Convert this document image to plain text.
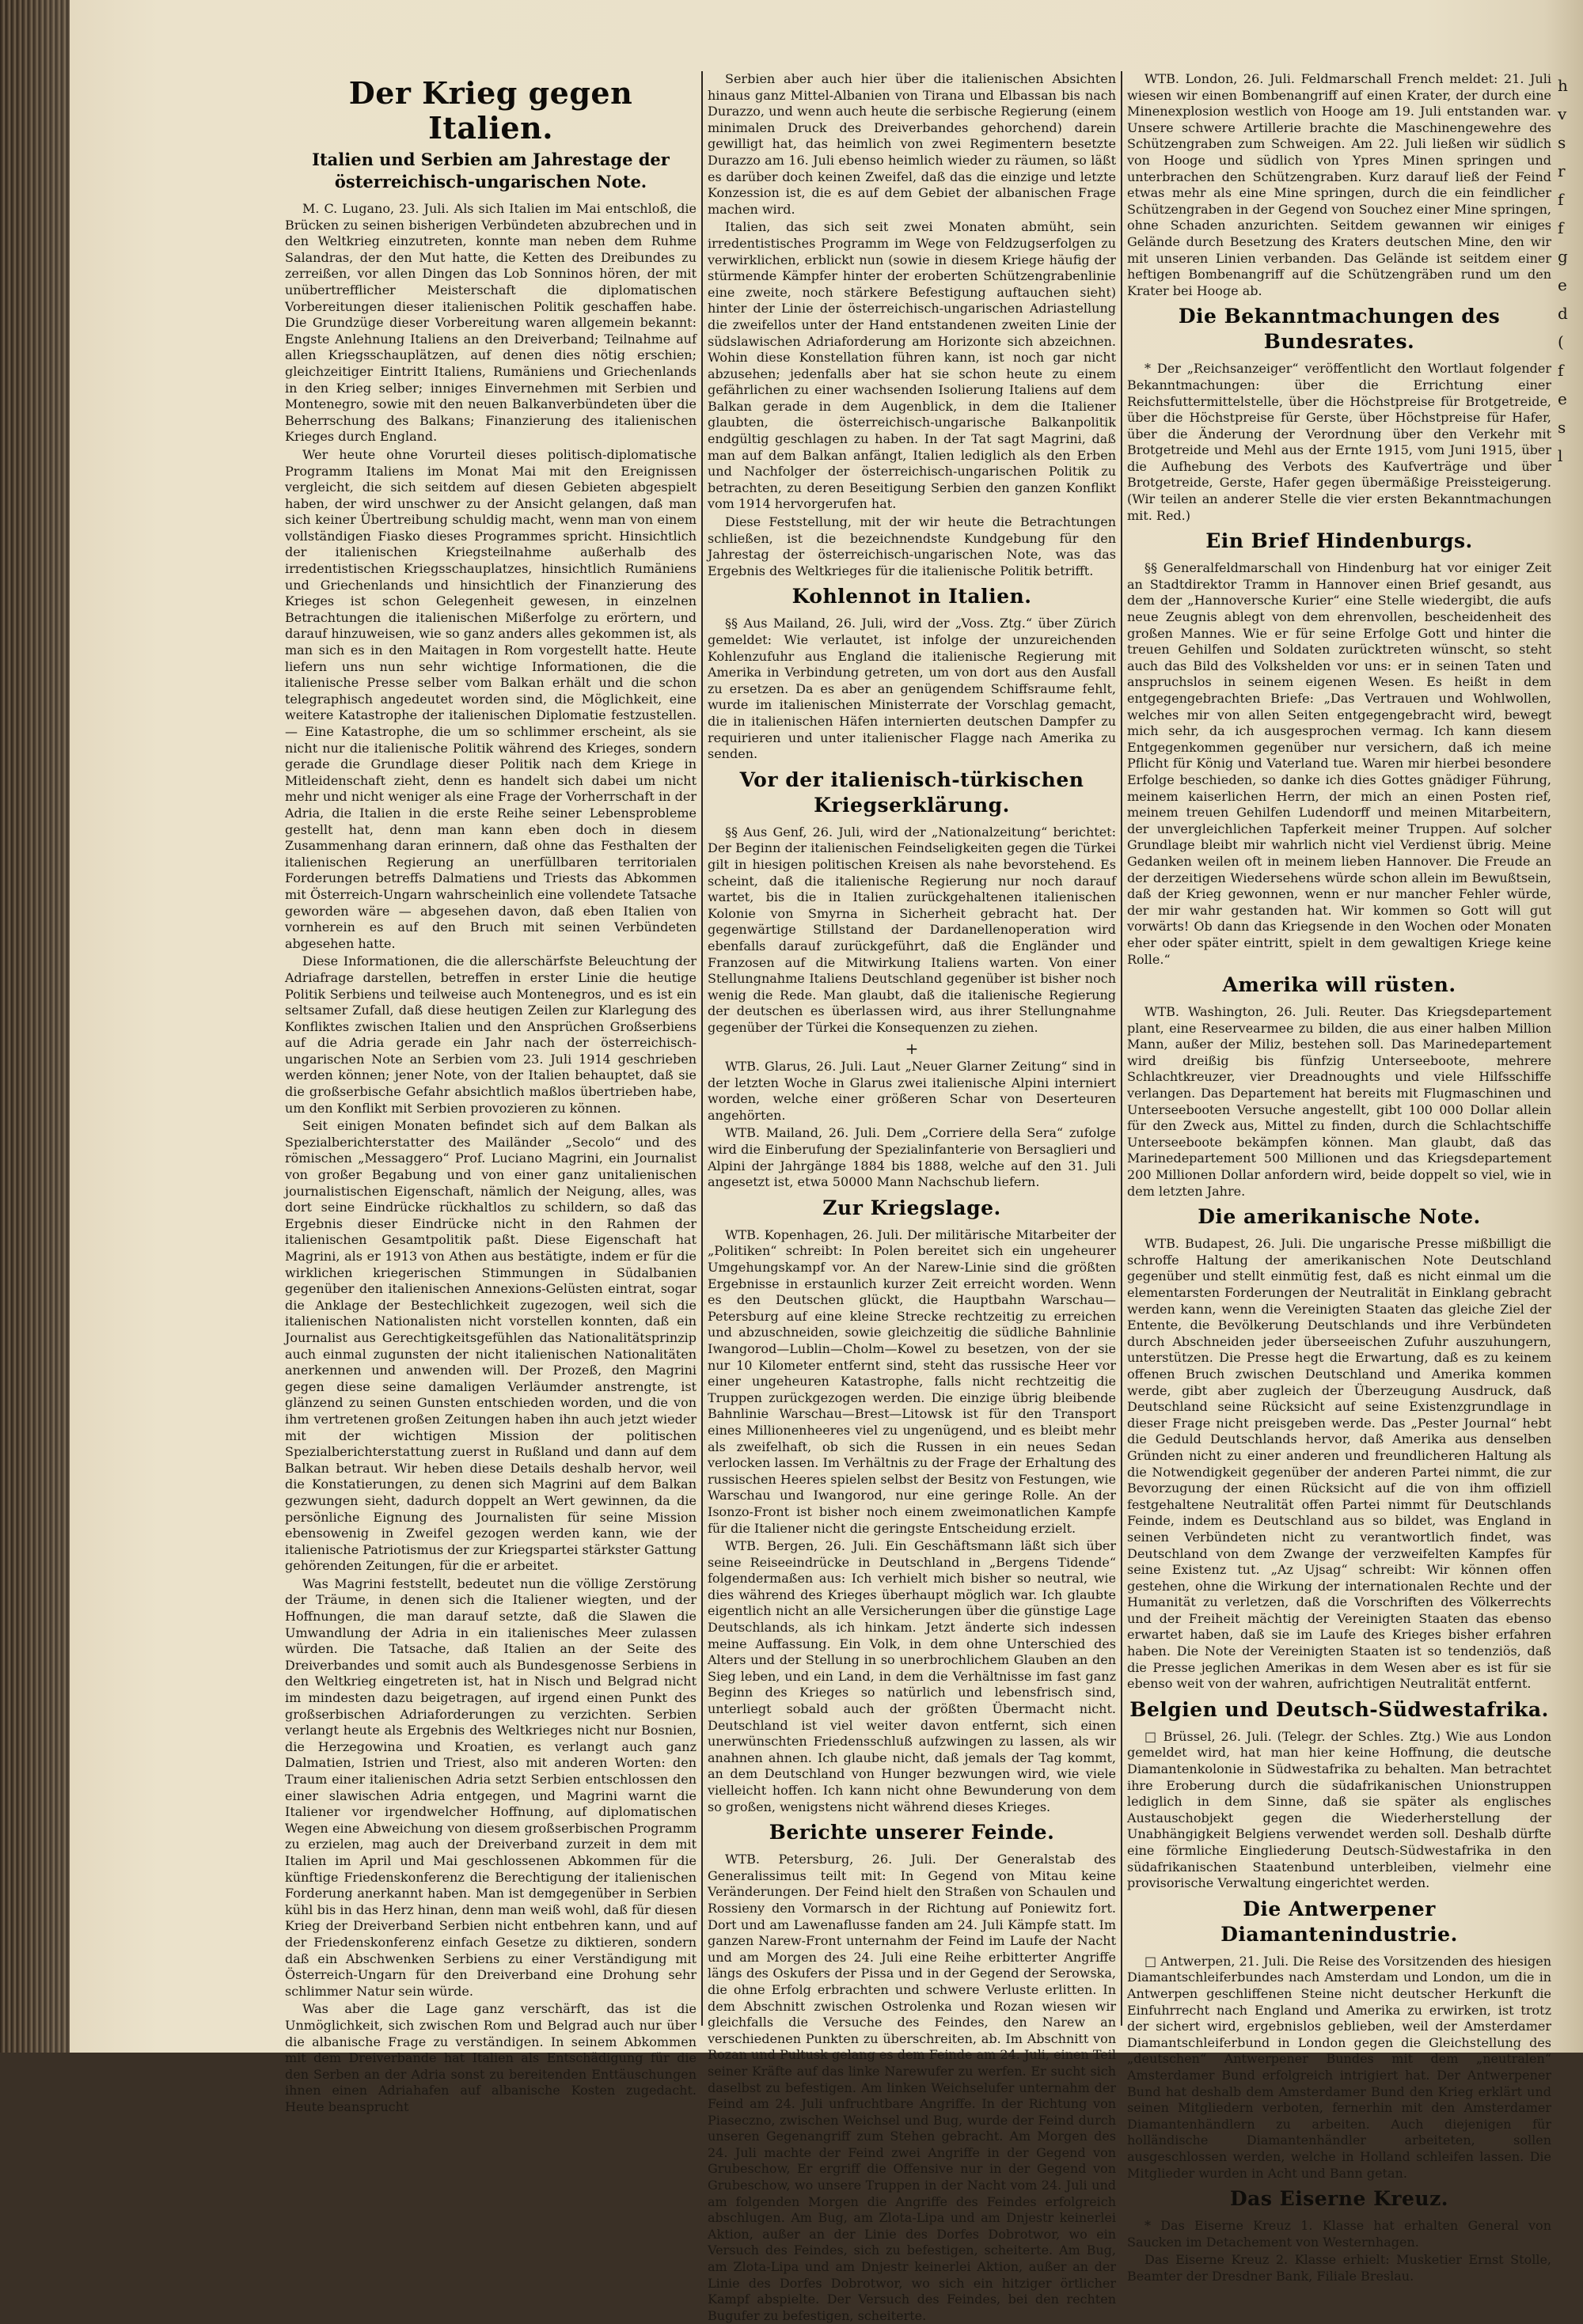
Der Krieg gegen Italien.
Italien und Serbien am Jahrestage der österreichisch-ungarischen Note.

M. C. Lugano, 23. Juli. Als sich Italien im Mai entschloß, die Brücken zu seinen bisherigen Verbündeten abzubrechen und in den Weltkrieg einzutreten, konnte man neben dem Ruhme Salandras, der den Mut hatte, die Ketten des Dreibundes zu zerreißen, vor allen Dingen das Lob Sonninos hören, der mit unübertrefflicher Meisterschaft die diplomatischen Vorbereitungen dieser italienischen Politik geschaffen habe. Die Grundzüge dieser Vorbereitung waren allgemein bekannt: Engste Anlehnung Italiens an den Dreiverband; Teilnahme auf allen Kriegsschauplätzen, auf denen dies nötig erschien; gleichzeitiger Eintritt Italiens, Rumäniens und Griechenlands in den Krieg selber; inniges Einvernehmen mit Serbien und Montenegro, sowie mit den neuen Balkanverbündeten über die Beherrschung des Balkans; Finanzierung des italienischen Krieges durch England.

Wer heute ohne Vorurteil dieses politisch-diplomatische Programm Italiens im Monat Mai mit den Ereignissen vergleicht, die sich seitdem auf diesen Gebieten abgespielt haben, der wird unschwer zu der Ansicht gelangen, daß man sich keiner Übertreibung schuldig macht, wenn man von einem vollständigen Fiasko dieses Programmes spricht. Hinsichtlich der italienischen Kriegsteilnahme außerhalb des irredentistischen Kriegsschauplatzes, hinsichtlich Rumäniens und Griechenlands und hinsichtlich der Finanzierung des Krieges ist schon Gelegenheit gewesen, in einzelnen Betrachtungen die italienischen Mißerfolge zu erörtern, und darauf hinzuweisen, wie so ganz anders alles gekommen ist, als man sich es in den Maitagen in Rom vorgestellt hatte. Heute liefern uns nun sehr wichtige Informationen, die die italienische Presse selber vom Balkan erhält und die schon telegraphisch angedeutet worden sind, die Möglichkeit, eine weitere Katastrophe der italienischen Diplomatie festzustellen. — Eine Katastrophe, die um so schlimmer erscheint, als sie nicht nur die italienische Politik während des Krieges, sondern gerade die Grundlage dieser Politik nach dem Kriege in Mitleidenschaft zieht, denn es handelt sich dabei um nicht mehr und nicht weniger als eine Frage der Vorherrschaft in der Adria, die Italien in die erste Reihe seiner Lebensprobleme gestellt hat, denn man kann eben doch in diesem Zusammenhang daran erinnern, daß ohne das Festhalten der italienischen Regierung an unerfüllbaren territorialen Forderungen betreffs Dalmatiens und Triests das Abkommen mit Österreich-Ungarn wahrscheinlich eine vollendete Tatsache geworden wäre — abgesehen davon, daß eben Italien von vornherein es auf den Bruch mit seinen Verbündeten abgesehen hatte.

Diese Informationen, die die allerschärfste Beleuchtung der Adriafrage darstellen, betreffen in erster Linie die heutige Politik Serbiens und teilweise auch Montenegros, und es ist ein seltsamer Zufall, daß diese heutigen Zeilen zur Klarlegung des Konfliktes zwischen Italien und den Ansprüchen Großserbiens auf die Adria gerade ein Jahr nach der österreichisch-ungarischen Note an Serbien vom 23. Juli 1914 geschrieben werden können; jener Note, von der Italien behauptet, daß sie die großserbische Gefahr absichtlich maßlos übertrieben habe, um den Konflikt mit Serbien provozieren zu können.

Seit einigen Monaten befindet sich auf dem Balkan als Spezialberichterstatter des Mailänder „Secolo“ und des römischen „Messaggero“ Prof. Luciano Magrini, ein Journalist von großer Begabung und von einer ganz unitalienischen journalistischen Eigenschaft, nämlich der Neigung, alles, was dort seine Eindrücke rückhaltlos zu schildern, so daß das Ergebnis dieser Eindrücke nicht in den Rahmen der italienischen Gesamtpolitik paßt. Diese Eigenschaft hat Magrini, als er 1913 von Athen aus bestätigte, indem er für die wirklichen kriegerischen Stimmungen in Südalbanien gegenüber den italienischen Annexions-Gelüsten eintrat, sogar die Anklage der Bestechlichkeit zugezogen, weil sich die italienischen Nationalisten nicht vorstellen konnten, daß ein Journalist aus Gerechtigkeitsgefühlen das Nationalitätsprinzip auch einmal zugunsten der nicht italienischen Nationalitäten anerkennen und anwenden will. Der Prozeß, den Magrini gegen diese seine damaligen Verläumder anstrengte, ist glänzend zu seinen Gunsten entschieden worden, und die von ihm vertretenen großen Zeitungen haben ihn auch jetzt wieder mit der wichtigen Mission der politischen Spezialberichterstattung zuerst in Rußland und dann auf dem Balkan betraut. Wir heben diese Details deshalb hervor, weil die Konstatierungen, zu denen sich Magrini auf dem Balkan gezwungen sieht, dadurch doppelt an Wert gewinnen, da die persönliche Eignung des Journalisten für seine Mission ebensowenig in Zweifel gezogen werden kann, wie der italienische Patriotismus der zur Kriegspartei stärkster Gattung gehörenden Zeitungen, für die er arbeitet.

Was Magrini feststellt, bedeutet nun die völlige Zerstörung der Träume, in denen sich die Italiener wiegten, und der Hoffnungen, die man darauf setzte, daß die Slawen die Umwandlung der Adria in ein italienisches Meer zulassen würden. Die Tatsache, daß Italien an der Seite des Dreiverbandes und somit auch als Bundesgenosse Serbiens in den Weltkrieg eingetreten ist, hat in Nisch und Belgrad nicht im mindesten dazu beigetragen, auf irgend einen Punkt des großserbischen Adriaforderungen zu verzichten. Serbien verlangt heute als Ergebnis des Weltkrieges nicht nur Bosnien, die Herzegowina und Kroatien, es verlangt auch ganz Dalmatien, Istrien und Triest, also mit anderen Worten: den Traum einer italienischen Adria setzt Serbien entschlossen den einer slawischen Adria entgegen, und Magrini warnt die Italiener vor irgendwelcher Hoffnung, auf diplomatischen Wegen eine Abweichung von diesem großserbischen Programm zu erzielen, mag auch der Dreiverband zurzeit in dem mit Italien im April und Mai geschlossenen Abkommen für die künftige Friedenskonferenz die Berechtigung der italienischen Forderung anerkannt haben. Man ist demgegenüber in Serbien kühl bis in das Herz hinan, denn man weiß wohl, daß für diesen Krieg der Dreiverband Serbien nicht entbehren kann, und auf der Friedenskonferenz einfach Gesetze zu diktieren, sondern daß ein Abschwenken Serbiens zu einer Verständigung mit Österreich-Ungarn für den Dreiverband eine Drohung sehr schlimmer Natur sein würde.

Was aber die Lage ganz verschärft, das ist die Unmöglichkeit, sich zwischen Rom und Belgrad auch nur über die albanische Frage zu verständigen. In seinem Abkommen mit dem Dreiverbande hat Italien als Entschädigung für die den Serben an der Adria sonst zu bereitenden Enttäuschungen ihnen einen Adriahafen auf albanische Kosten zugedacht. Heute beansprucht

Serbien aber auch hier über die italienischen Absichten hinaus ganz Mittel-Albanien von Tirana und Elbassan bis nach Durazzo, und wenn auch heute die serbische Regierung (einem minimalen Druck des Dreiverbandes gehorchend) darein gewilligt hat, das heimlich von zwei Regimentern besetzte Durazzo am 16. Juli ebenso heimlich wieder zu räumen, so läßt es darüber doch keinen Zweifel, daß das die einzige und letzte Konzession ist, die es auf dem Gebiet der albanischen Frage machen wird.

Italien, das sich seit zwei Monaten abmüht, sein irredentistisches Programm im Wege von Feldzugserfolgen zu verwirklichen, erblickt nun (sowie in diesem Kriege häufig der stürmende Kämpfer hinter der eroberten Schützengrabenlinie eine zweite, noch stärkere Befestigung auftauchen sieht) hinter der Linie der österreichisch-ungarischen Adriastellung die zweifellos unter der Hand entstandenen zweiten Linie der südslawischen Adriaforderung am Horizonte sich abzeichnen. Wohin diese Konstellation führen kann, ist noch gar nicht abzusehen; jedenfalls aber hat sie schon heute zu einem gefährlichen zu einer wachsenden Isolierung Italiens auf dem Balkan gerade in dem Augenblick, in dem die Italiener glaubten, die österreichisch-ungarische Balkanpolitik endgültig geschlagen zu haben. In der Tat sagt Magrini, daß man auf dem Balkan anfängt, Italien lediglich als den Erben und Nachfolger der österreichisch-ungarischen Politik zu betrachten, zu deren Beseitigung Serbien den ganzen Konflikt vom 1914 hervorgerufen hat.

Diese Feststellung, mit der wir heute die Betrachtungen schließen, ist die bezeichnendste Kundgebung für den Jahrestag der österreichisch-ungarischen Note, was das Ergebnis des Weltkrieges für die italienische Politik betrifft.

Kohlennot in Italien.

§§ Aus Mailand, 26. Juli, wird der „Voss. Ztg.“ über Zürich gemeldet: Wie verlautet, ist infolge der unzureichenden Kohlenzufuhr aus England die italienische Regierung mit Amerika in Verbindung getreten, um von dort aus den Ausfall zu ersetzen. Da es aber an genügendem Schiffsraume fehlt, wurde im italienischen Ministerrate der Vorschlag gemacht, die in italienischen Häfen internierten deutschen Dampfer zu requirieren und unter italienischer Flagge nach Amerika zu senden.

Vor der italienisch-türkischen Kriegserklärung.

§§ Aus Genf, 26. Juli, wird der „Nationalzeitung“ berichtet: Der Beginn der italienischen Feindseligkeiten gegen die Türkei gilt in hiesigen politischen Kreisen als nahe bevorstehend. Es scheint, daß die italienische Regierung nur noch darauf wartet, bis die in Italien zurückgehaltenen italienischen Kolonie von Smyrna in Sicherheit gebracht hat. Der gegenwärtige Stillstand der Dardanellenoperation wird ebenfalls darauf zurückgeführt, daß die Engländer und Franzosen auf die Mitwirkung Italiens warten. Von einer Stellungnahme Italiens Deutschland gegenüber ist bisher noch wenig die Rede. Man glaubt, daß die italienische Regierung der deutschen es überlassen wird, aus ihrer Stellungnahme gegenüber der Türkei die Konsequenzen zu ziehen.

+

WTB. Glarus, 26. Juli. Laut „Neuer Glarner Zeitung“ sind in der letzten Woche in Glarus zwei italienische Alpini interniert worden, welche einer größeren Schar von Deserteuren angehörten.

WTB. Mailand, 26. Juli. Dem „Corriere della Sera“ zufolge wird die Einberufung der Spezialinfanterie von Bersaglieri und Alpini der Jahrgänge 1884 bis 1888, welche auf den 31. Juli angesetzt ist, etwa 50000 Mann Nachschub liefern.

Zur Kriegslage.

WTB. Kopenhagen, 26. Juli. Der militärische Mitarbeiter der „Politiken“ schreibt: In Polen bereitet sich ein ungeheurer Umgehungskampf vor. An der Narew-Linie sind die größten Ergebnisse in erstaunlich kurzer Zeit erreicht worden. Wenn es den Deutschen glückt, die Hauptbahn Warschau—Petersburg auf eine kleine Strecke rechtzeitig zu erreichen und abzuschneiden, sowie gleichzeitig die südliche Bahnlinie Iwangorod—Lublin—Cholm—Kowel zu besetzen, von der sie nur 10 Kilometer entfernt sind, steht das russische Heer vor einer ungeheuren Katastrophe, falls nicht rechtzeitig die Truppen zurückgezogen werden. Die einzige übrig bleibende Bahnlinie Warschau—Brest—Litowsk ist für den Transport eines Millionenheeres viel zu ungenügend, und es bleibt mehr als zweifelhaft, ob sich die Russen in ein neues Sedan verlocken lassen. Im Verhältnis zu der Frage der Erhaltung des russischen Heeres spielen selbst der Besitz von Festungen, wie Warschau und Iwangorod, nur eine geringe Rolle. An der Isonzo-Front ist bisher noch einem zweimonatlichen Kampfe für die Italiener nicht die geringste Entscheidung erzielt.

WTB. Bergen, 26. Juli. Ein Geschäftsmann läßt sich über seine Reiseeindrücke in Deutschland in „Bergens Tidende“ folgendermaßen aus: Ich verhielt mich bisher so neutral, wie dies während des Krieges überhaupt möglich war. Ich glaubte eigentlich nicht an alle Versicherungen über die günstige Lage Deutschlands, als ich hinkam. Jetzt änderte sich indessen meine Auffassung. Ein Volk, in dem ohne Unterschied des Alters und der Stellung in so unerbrochlichem Glauben an den Sieg leben, und ein Land, in dem die Verhältnisse im fast ganz Beginn des Krieges so natürlich und lebensfrisch sind, unterliegt sobald auch der größten Übermacht nicht. Deutschland ist viel weiter davon entfernt, sich einen unerwünschten Friedensschluß aufzwingen zu lassen, als wir anahnen ahnen. Ich glaube nicht, daß jemals der Tag kommt, an dem Deutschland von Hunger bezwungen wird, wie viele vielleicht hoffen. Ich kann nicht ohne Bewunderung von dem so großen, wenigstens nicht während dieses Krieges.

Berichte unserer Feinde.

WTB. Petersburg, 26. Juli. Der Generalstab des Generalissimus teilt mit: In Gegend von Mitau keine Veränderungen. Der Feind hielt den Straßen von Schaulen und Rossieny den Vormarsch in der Richtung auf Poniewitz fort. Dort und am Lawenaflusse fanden am 24. Juli Kämpfe statt. Im ganzen Narew-Front unternahm der Feind im Laufe der Nacht und am Morgen des 24. Juli eine Reihe erbitterter Angriffe längs des Oskufers der Pissa und in der Gegend der Serowska, die ohne Erfolg erbrachten und schwere Verluste erlitten. In dem Abschnitt zwischen Ostrolenka und Rozan wiesen wir gleichfalls die Versuche des Feindes, den Narew an verschiedenen Punkten zu überschreiten, ab. Im Abschnitt von Rozan und Pultusk gelang es dem Feinde am 24. Juli, einen Teil seiner Kräfte auf das linke Narewufer zu werfen. Er sucht sich daselbst zu befestigen. Am linken Weichselufer unternahm der Feind am 24. Juli unfruchtbare Angriffe. In der Richtung von Piaseczno, zwischen Weichsel und Bug, wurde der Feind durch unseren Gegenangriff zum Stehen gebracht. Am Morgen des 24. Juli machte der Feind zwei Angriffe in der Gegend von Grubeschow, Er ergriff die Offensive nur in der Gegend von Grubeschow, wo unsere Truppen in der Nacht vom 24. Juli und am folgenden Morgen die Angriffe des Feindes erfolgreich abschlugen. Am Bug, am Zlota-Lipa und am Dnjestr keinerlei Aktion, außer an der Linie des Dorfes Dobrotwor, wo ein Versuch des Feindes, sich zu befestigen, scheiterte. Am Bug, am Zlota-Lipa und am Dnjestr keinerlei Aktion, außer an der Linie des Dorfes Dobrotwor, wo sich ein hitziger örtlicher Kampf abspielte. Der Versuch des Feindes, bei den rechten Bugufer zu befestigen, scheiterte.

WTB. London, 26. Juli. Feldmarschall French meldet: 21. Juli wiesen wir einen Bombenangriff auf einen Krater, der durch eine Minenexplosion westlich von Hooge am 19. Juli entstanden war. Unsere schwere Artillerie brachte die Maschinengewehre des Schützengraben zum Schweigen. Am 22. Juli ließen wir südlich von Hooge und südlich von Ypres Minen springen und unterbrachen den Schützengraben. Kurz darauf ließ der Feind etwas mehr als eine Mine springen, durch die ein feindlicher Schützengraben in der Gegend von Souchez einer Mine springen, ohne Schaden anzurichten. Seitdem gewannen wir einiges Gelände durch Besetzung des Kraters deutschen Mine, den wir mit unseren Linien verbanden. Das Gelände ist seitdem einer heftigen Bombenangriff auf die Schützengräben rund um den Krater bei Hooge ab.

Die Bekanntmachungen des Bundesrates.

* Der „Reichsanzeiger“ veröffentlicht den Wortlaut folgender Bekanntmachungen: über die Errichtung einer Reichsfuttermittelstelle, über die Höchstpreise für Brotgetreide, über die Höchstpreise für Gerste, über Höchstpreise für Hafer, über die Änderung der Verordnung über den Verkehr mit Brotgetreide und Mehl aus der Ernte 1915, vom Juni 1915, über die Aufhebung des Verbots des Kaufverträge und über Brotgetreide, Gerste, Hafer gegen übermäßige Preissteigerung. (Wir teilen an anderer Stelle die vier ersten Bekanntmachungen mit. Red.)

Ein Brief Hindenburgs.

§§ Generalfeldmarschall von Hindenburg hat vor einiger Zeit an Stadtdirektor Tramm in Hannover einen Brief gesandt, aus dem der „Hannoversche Kurier“ eine Stelle wiedergibt, die aufs neue Zeugnis ablegt von dem ehrenvollen, bescheidenheit des großen Mannes. Wie er für seine Erfolge Gott und hinter die treuen Gehilfen und Soldaten zurücktreten wünscht, so steht auch das Bild des Volkshelden vor uns: er in seinen Taten und anspruchslos in seinem eigenen Wesen. Es heißt in dem entgegengebrachten Briefe: „Das Vertrauen und Wohlwollen, welches mir von allen Seiten entgegengebracht wird, bewegt mich sehr, da ich ausgesprochen vermag. Ich kann diesem Entgegenkommen gegenüber nur versichern, daß ich meine Pflicht für König und Vaterland tue. Waren mir hierbei besondere Erfolge beschieden, so danke ich dies Gottes gnädiger Führung, meinem kaiserlichen Herrn, der mich an einen Posten rief, meinem treuen Gehilfen Ludendorff und meinen Mitarbeitern, der unvergleichlichen Tapferkeit meiner Truppen. Auf solcher Grundlage bleibt mir wahrlich nicht viel Verdienst übrig. Meine Gedanken weilen oft in meinem lieben Hannover. Die Freude an der derzeitigen Wiedersehens würde schon allein im Bewußtsein, daß der Krieg gewonnen, wenn er nur mancher Fehler würde, der mir wahr gestanden hat. Wir kommen so Gott will gut vorwärts! Ob dann das Kriegsende in den Wochen oder Monaten eher oder später eintritt, spielt in dem gewaltigen Kriege keine Rolle.“

Amerika will rüsten.

WTB. Washington, 26. Juli. Reuter. Das Kriegsdepartement plant, eine Reservearmee zu bilden, die aus einer halben Million Mann, außer der Miliz, bestehen soll. Das Marinedepartement wird dreißig bis fünfzig Unterseeboote, mehrere Schlachtkreuzer, vier Dreadnoughts und viele Hilfsschiffe verlangen. Das Departement hat bereits mit Flugmaschinen und Unterseebooten Versuche angestellt, gibt 100 000 Dollar allein für den Zweck aus, Mittel zu finden, durch die Schlachtschiffe Unterseeboote bekämpfen können. Man glaubt, daß das Marinedepartement 500 Millionen und das Kriegsdepartement 200 Millionen Dollar anfordern wird, beide doppelt so viel, wie in dem letzten Jahre.

Die amerikanische Note.

WTB. Budapest, 26. Juli. Die ungarische Presse mißbilligt die schroffe Haltung der amerikanischen Note Deutschland gegenüber und stellt einmütig fest, daß es nicht einmal um die elementarsten Forderungen der Neutralität in Einklang gebracht werden kann, wenn die Vereinigten Staaten das gleiche Ziel der Entente, die Bevölkerung Deutschlands und ihre Verbündeten durch Abschneiden jeder überseeischen Zufuhr auszuhungern, unterstützen. Die Presse hegt die Erwartung, daß es zu keinem offenen Bruch zwischen Deutschland und Amerika kommen werde, gibt aber zugleich der Überzeugung Ausdruck, daß Deutschland seine Rücksicht auf seine Existenzgrundlage in dieser Frage nicht preisgeben werde. Das „Pester Journal“ hebt die Geduld Deutschlands hervor, daß Amerika aus denselben Gründen nicht zu einer anderen und freundlicheren Haltung als die Notwendigkeit gegenüber der anderen Partei nimmt, die zur Bevorzugung der einen Rücksicht auf die von ihm offiziell festgehaltene Neutralität offen Partei nimmt für Deutschlands Feinde, indem es Deutschland aus so bildet, was England in seinen Verbündeten nicht zu verantwortlich findet, was Deutschland von dem Zwange der verzweifelten Kampfes für seine Existenz tut. „Az Ujsag“ schreibt: Wir können offen gestehen, ohne die Wirkung der internationalen Rechte und der Humanität zu verletzen, daß die Vorschriften des Völkerrechts und der Freiheit mächtig der Vereinigten Staaten das ebenso erwartet haben, daß sie im Laufe des Krieges bisher erfahren haben. Die Note der Vereinigten Staaten ist so tendenziös, daß die Presse jeglichen Amerikas in dem Wesen aber es ist für sie ebenso weit von der wahren, aufrichtigen Neutralität entfernt.

Belgien und Deutsch-Südwestafrika.

□ Brüssel, 26. Juli. (Telegr. der Schles. Ztg.) Wie aus London gemeldet wird, hat man hier keine Hoffnung, die deutsche Diamantenkolonie in Südwestafrika zu behalten. Man betrachtet ihre Eroberung durch die südafrikanischen Unionstruppen lediglich in dem Sinne, daß sie später als englisches Austauschobjekt gegen die Wiederherstellung der Unabhängigkeit Belgiens verwendet werden soll. Deshalb dürfte eine förmliche Eingliederung Deutsch-Südwestafrika in den südafrikanischen Staatenbund unterbleiben, vielmehr eine provisorische Verwaltung eingerichtet werden.

Die Antwerpener Diamantenindustrie.

□ Antwerpen, 21. Juli. Die Reise des Vorsitzenden des hiesigen Diamantschleiferbundes nach Amsterdam und London, um die in Antwerpen geschliffenen Steine nicht deutscher Herkunft die Einfuhrrecht nach England und Amerika zu erwirken, ist trotz der sichert wird, ergebnislos geblieben, weil der Amsterdamer Diamantschleiferbund in London gegen die Gleichstellung des „deutschen“ Antwerpener Bundes mit dem „neutralen“ Amsterdamer Bund erfolgreich intrigiert hat. Der Antwerpener Bund hat deshalb dem Amsterdamer Bund den Krieg erklärt und seinen Mitgliedern verboten, fernerhin mit den Amsterdamer Diamantenhändlern zu arbeiten. Auch diejenigen für holländische Diamantenhändler arbeiteten, sollen ausgeschlossen werden, welche in Holland schleifen lassen. Die Mitglieder wurden in Acht und Bann getan.

Das Eiserne Kreuz.

* Das Eiserne Kreuz 1. Klasse hat erhalten General von Saucken im Detachement von Westernhagen.

Das Eiserne Kreuz 2. Klasse erhielt: Musketier Ernst Stolle, Beamter der Dresdner Bank, Filiale Breslau.

h
v
s
r
f
f
g
e
d
(
f
e
s
l
